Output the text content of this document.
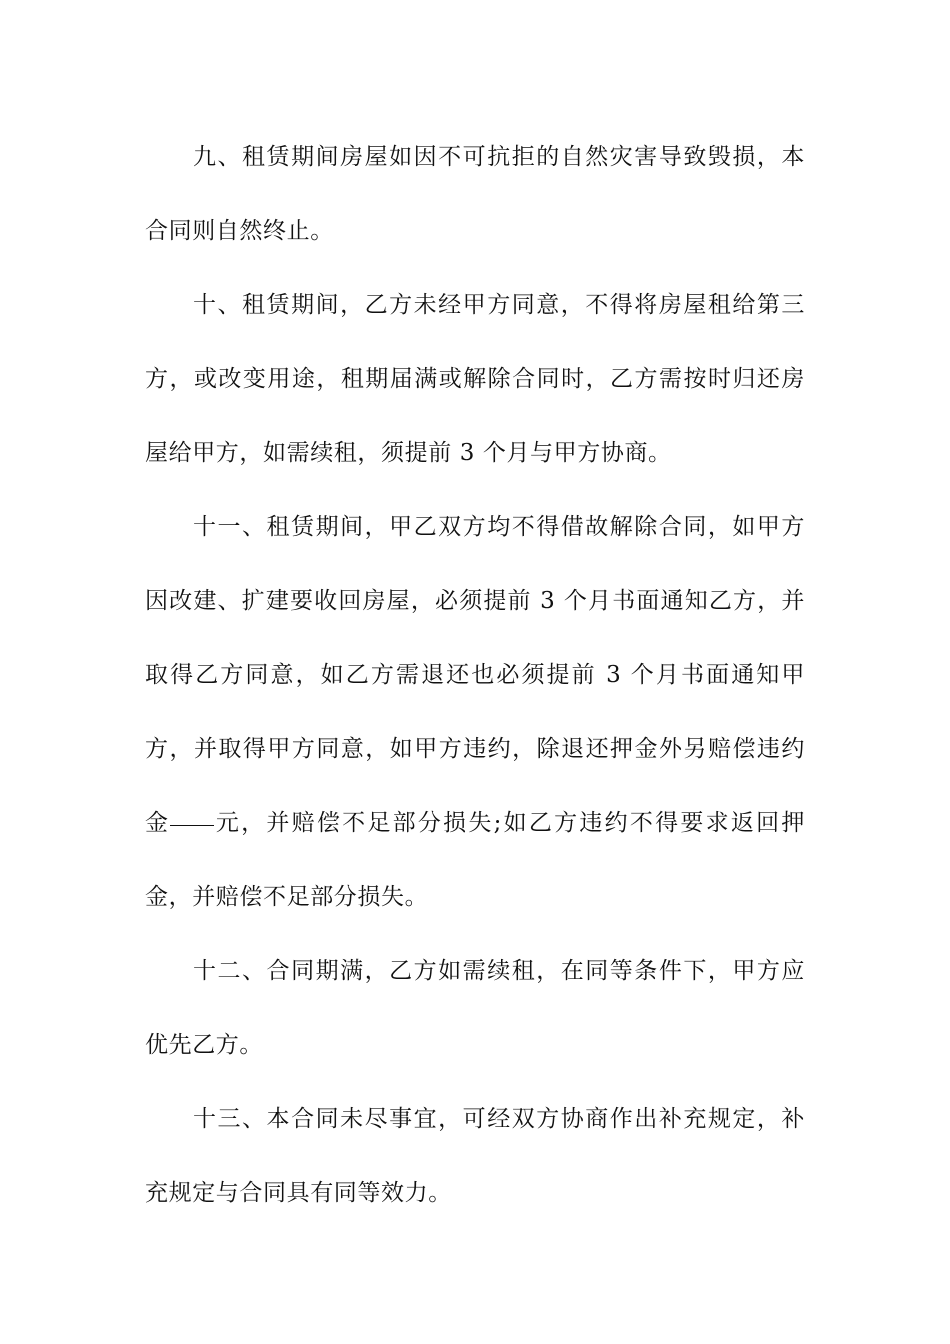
九、租赁期间房屋如因不可抗拒的自然灾害导致毁损，本合同则自然终止。

十、租赁期间，乙方未经甲方同意，不得将房屋租给第三方，或改变用途，租期届满或解除合同时，乙方需按时归还房屋给甲方，如需续租，须提前 3 个月与甲方协商。

十一、租赁期间，甲乙双方均不得借故解除合同，如甲方因改建、扩建要收回房屋，必须提前 3 个月书面通知乙方，并取得乙方同意，如乙方需退还也必须提前 3 个月书面通知甲方，并取得甲方同意，如甲方违约，除退还押金外另赔偿违约金 元，并赔偿不足部分损失;如乙方违约不得要求返回押金，并赔偿不足部分损失。

十二、合同期满，乙方如需续租，在同等条件下，甲方应优先乙方。

十三、本合同未尽事宜，可经双方协商作出补充规定，补充规定与合同具有同等效力。
